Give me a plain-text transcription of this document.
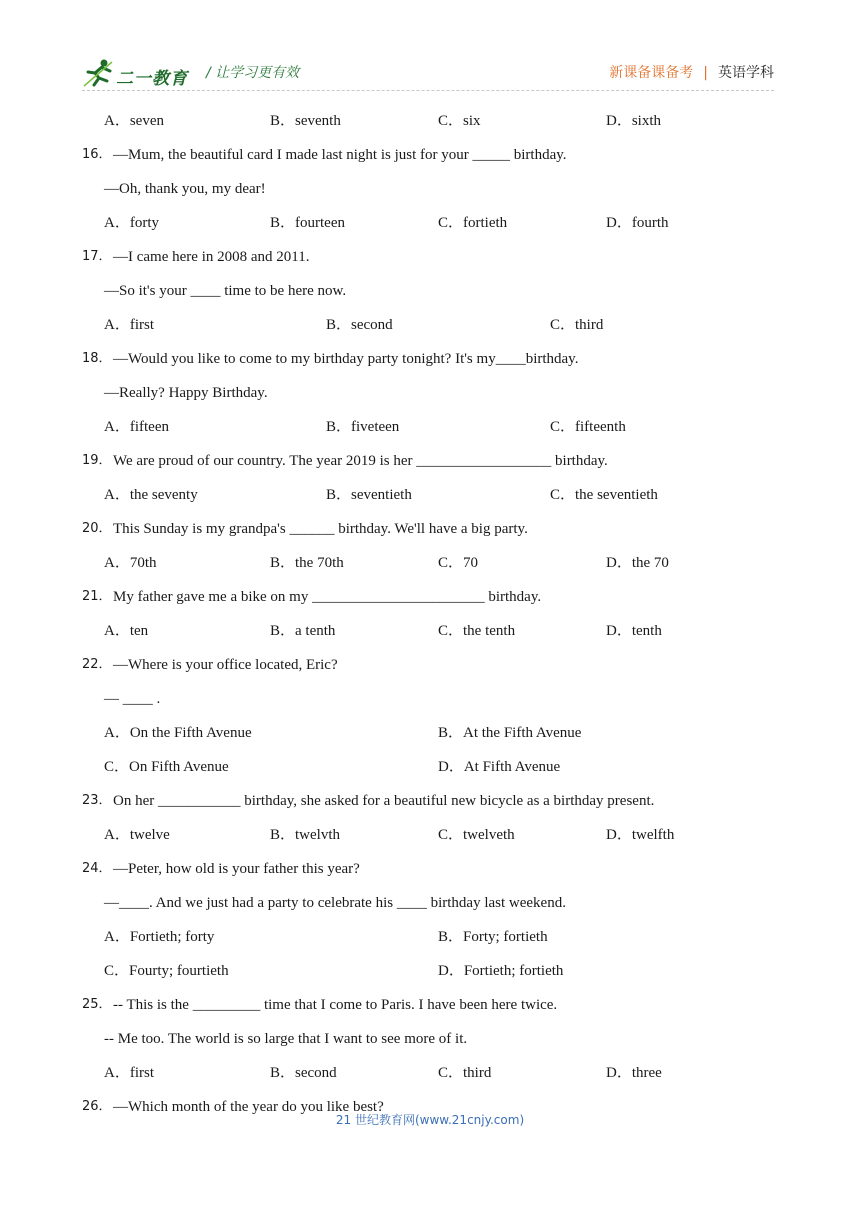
二一教育 / 让学习更有效	新课备课备考 | 英语学科
A．seven	B．seventh	C．six	D．sixth
16． —Mum, the beautiful card I made last night is just for your _____ birthday.
—Oh, thank you, my dear!
A．forty	B．fourteen	C．fortieth	D．fourth
17． —I came here in 2008 and 2011.
—So it's your ____ time to be here now.
A．first	B．second	C．third
18． —Would you like to come to my birthday party tonight? It's my____birthday.
—Really? Happy Birthday.
A．fifteen	B．fiveteen	C．fifteenth
19． We are proud of our country. The year 2019 is her __________________ birthday.
A．the seventy	B．seventieth	C．the seventieth
20． This Sunday is my grandpa's ______ birthday. We'll have a big party.
A．70th	B．the 70th	C．70	D．the 70
21． My father gave me a bike on my _______________________ birthday.
A．ten	B．a tenth	C．the tenth	D．tenth
22． —Where is your office located, Eric?
— ____ .
A．On the Fifth Avenue	B．At the Fifth Avenue
C．On Fifth Avenue	D．At Fifth Avenue
23． On her ___________ birthday, she asked for a beautiful new bicycle as a birthday present.
A．twelve	B．twelvth	C．twelveth	D．twelfth
24． —Peter, how old is your father this year?
—____. And we just had a party to celebrate his ____ birthday last weekend.
A．Fortieth; forty	B．Forty; fortieth
C．Fourty; fourtieth	D．Fortieth; fortieth
25． -- This is the _________ time that I come to Paris. I have been here twice.
-- Me too. The world is so large that I want to see more of it.
A．first	B．second	C．third	D．three
26． —Which month of the year do you like best?
21 世纪教育网(www.21cnjy.com)
